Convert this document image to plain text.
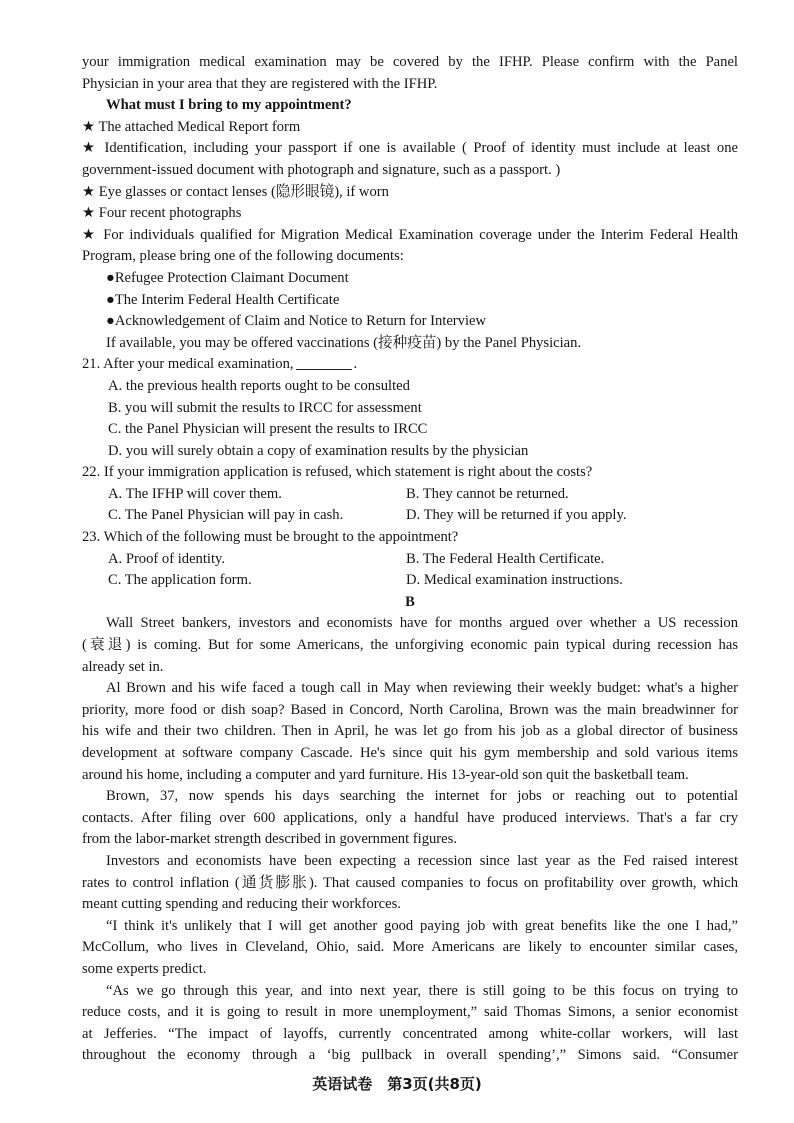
your immigration medical examination may be covered by the IFHP. Please confirm with the Panel
Physician in your area that they are registered with the IFHP.
What must I bring to my appointment?
★ The attached Medical Report form
★ Identification, including your passport if one is available ( Proof of identity must include at least one
government-issued document with photograph and signature, such as a passport. )
★ Eye glasses or contact lenses (隐形眼镜), if worn
★ Four recent photographs
★ For individuals qualified for Migration Medical Examination coverage under the Interim Federal Health
Program, please bring one of the following documents:
●Refugee Protection Claimant Document
●The Interim Federal Health Certificate
●Acknowledgement of Claim and Notice to Return for Interview
If available, you may be offered vaccinations (接种疫苗) by the Panel Physician.
21. After your medical examination,	.
A. the previous health reports ought to be consulted
B. you will submit the results to IRCC for assessment
C. the Panel Physician will present the results to IRCC
D. you will surely obtain a copy of examination results by the physician
22. If your immigration application is refused, which statement is right about the costs?
A. The IFHP will cover them.	B. They cannot be returned.
C. The Panel Physician will pay in cash.	D. They will be returned if you apply.
23. Which of the following must be brought to the appointment?
A. Proof of identity.	B. The Federal Health Certificate.
C. The application form.	D. Medical examination instructions.
B
Wall Street bankers, investors and economists have for months argued over whether a US recession
(衰退) is coming. But for some Americans, the unforgiving economic pain typical during recession has
already set in.
Al Brown and his wife faced a tough call in May when reviewing their weekly budget: what's a higher
priority, more food or dish soap? Based in Concord, North Carolina, Brown was the main breadwinner for
his wife and their two children. Then in April, he was let go from his job as a global director of business
development at software company Cascade. He's since quit his gym membership and sold various items
around his home, including a computer and yard furniture. His 13-year-old son quit the basketball team.
Brown, 37, now spends his days searching the internet for jobs or reaching out to potential
contacts. After filing over 600 applications, only a handful have produced interviews. That's a far cry
from the labor-market strength described in government figures.
Investors and economists have been expecting a recession since last year as the Fed raised interest
rates to control inflation (通货膨胀). That caused companies to focus on profitability over growth, which
meant cutting spending and reducing their workforces.
“I think it's unlikely that I will get another good paying job with great benefits like the one I had,”
McCollum, who lives in Cleveland, Ohio, said. More Americans are likely to encounter similar cases,
some experts predict.
“As we go through this year, and into next year, there is still going to be this focus on trying to
reduce costs, and it is going to result in more unemployment,” said Thomas Simons, a senior economist
at Jefferies. “The impact of layoffs, currently concentrated among white-collar workers, will last
throughout the economy through a ‘big pullback in overall spending’,” Simons said. “Consumer
英语试卷　第3页(共8页)
